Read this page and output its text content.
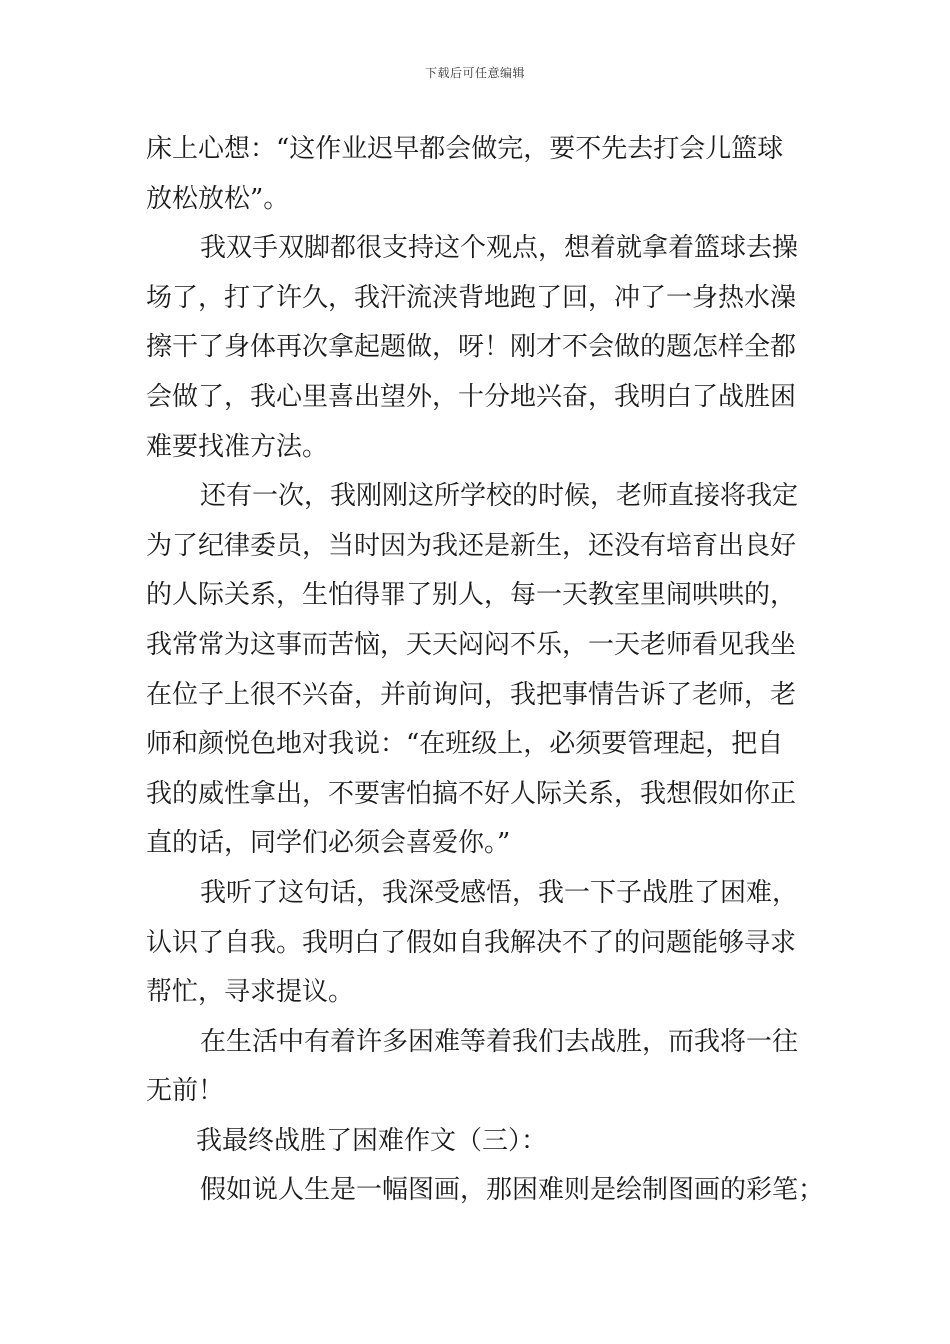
下载后可任意编辑
床上心想：“这作业迟早都会做完，要不先去打会儿篮球
放松放松”。
我双手双脚都很支持这个观点，想着就拿着篮球去操
场了，打了许久，我汗流浃背地跑了回，冲了一身热水澡
擦干了身体再次拿起题做，呀！刚才不会做的题怎样全都
会做了，我心里喜出望外，十分地兴奋，我明白了战胜困
难要找准方法。
还有一次，我刚刚这所学校的时候，老师直接将我定
为了纪律委员，当时因为我还是新生，还没有培育出良好
的人际关系，生怕得罪了别人，每一天教室里闹哄哄的，
我常常为这事而苦恼，天天闷闷不乐，一天老师看见我坐
在位子上很不兴奋，并前询问，我把事情告诉了老师，老
师和颜悦色地对我说：“在班级上，必须要管理起，把自
我的威性拿出，不要害怕搞不好人际关系，我想假如你正
直的话，同学们必须会喜爱你。”
我听了这句话，我深受感悟，我一下子战胜了困难，
认识了自我。我明白了假如自我解决不了的问题能够寻求
帮忙，寻求提议。
在生活中有着许多困难等着我们去战胜，而我将一往
无前！
我最终战胜了困难作文（三）：
假如说人生是一幅图画，那困难则是绘制图画的彩笔；
